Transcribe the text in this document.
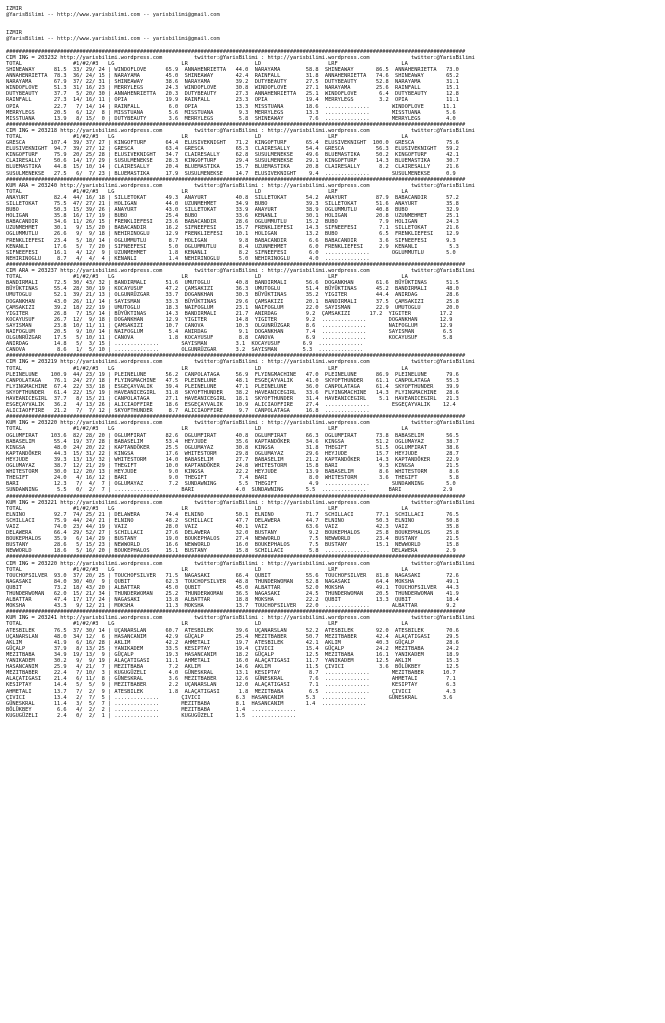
IZMIR
@YarisBilimi -- http://www.yarisbilimi.com -- yarisbilimi@gmail.com

IZMIR
@YarisBilimi -- http://www.yarisbilimi.com -- yarisbilimi@gmail.com

################################################################################################################################################
CIM ING = 203232 http://yarisbilimi.wordpress.com          twitter:@YarisBilimi : http://yarisbilimi.wordpress.com             twitter:@YarisBilimi
TOTAL                #1/#2/#3   LG                     LR                     LD                     LRF                    LA
SHINEAWAY      81.5  33/ 29/ 24 | WINDOFLOVE      65.9  ANNAHENRIETTA   44.0  NARAYAMA        58.8  SHINEAWAY       86.5  ANNAHENRIETTA   73.0
ANNAHENRIETTA  78.3  36/ 24/ 15 | NARAYAMA        45.0  SHINEAWAY       42.4  RAINFALL        31.8  ANNAHENRIETTA   74.6  SHINEAWAY       65.2
NARAYAMA       67.9  37/ 22/ 31 | SHINEAWAY       38.6  NARAYAMA        39.2  DUTYBEAUTY      27.5  DUTYBEAUTY      52.8  NARAYAMA        31.1
WINDOFLOVE     51.3  31/ 16/ 23 | MERRYLEGS       24.3  WINDOFLOVE      30.8  WINDOFLOVE      27.1  NARAYAMA        25.6  RAINFALL        15.1
DUTYBEAUTY     37.7   5/ 20/ 30 | ANNAHENRIETTA   20.3  DUTYBEAUTY      27.3  ANNAHENRIETTA   25.1  WINDOFLOVE       6.4  DUTYBEAUTY      12.8
RAINFALL       27.3  14/ 16/ 11 | OPIA            19.9  RAINFALL        23.3  OPIA            19.4  MERRYLEGS        3.2  OPIA            11.1
OPIA           22.7   7/ 14/ 14 | RAINFALL         6.0  OPIA            13.3  MISSTUANA       18.6  ..............       WINDOFLOVE      11.1
MERRYLEGS      20.5   6/ 12/  8 | MISSTUANA        5.6  MISSTUANA        9.3  MERRYLEGS       13.3  ..............       MISSTUANA        5.6
MISSTUANA      13.9   8/ 15/  0 | DUTYBEAUTY       3.6  MERRYLEGS        5.8  SHINEAWAY        7.6  ..............       MERRYLEGS        4.0
################################################################################################################################################
CIM ING = 203218 http://yarisbilimi.wordpress.com          twitter:@YarisBilimi : http://yarisbilimi.wordpress.com             twitter:@YarisBilimi
TOTAL                #1/#2/#3   LG                     LR                     LD                     LRF                    LA
GRESCA        107.4  39/ 37/ 27 | KINGOFTURF      64.4  ELUSIVEKNIGHT   71.2  KINGOFTURF      65.4  ELUSIVEKNIGHT  100.0  GRESCA          75.6
ELUSIVEKNIGHT  94.7  39/ 27/ 12 | GRESCA          63.4  GRESCA          65.3  CLAIRESALLY     54.4  GRESCA          56.3  ELUSIVEKNIGHT   59.2
KINGOFTURF     75.9  20/ 25/ 28 | ELUSIVEKNIGHT   34.7  CLAIRESALLY     62.8  SUSULMENEKSE    49.6  BLUEMASTIKA     50.2  KINGOFTURF      42.1
CLAIRESALLY    50.6  14/ 17/ 29 | SUSULMENEKSE    28.3  KINGOFTURF      29.4  SUSULMENEKSE    29.1  KINGOFTURF      14.3  BLUEMASTIKA     30.7
BLUEMASTIKA    44.8  15/ 10/ 14 | CLAIRESALLY     20.4  BLUEMASTIKA     15.7  BLUEMASTIKA     20.8  CLAIRESALLY      8.2  CLAIRESALLY     21.6
SUSULMENEKSE   27.5   6/  7/ 23 | BLUEMASTIKA     17.9  SUSULMENEKSE    14.7  ELUSIVEKNIGHT    9.4  ..............       SUSULMENEKSE     0.9
################################################################################################################################################
KUM ARA = 203240 http://yarisbilimi.wordpress.com          twitter:@YarisBilimi : http://yarisbilimi.wordpress.com             twitter:@YarisBilimi
TOTAL                #1/#2/#3   LG                     LR                     LD                     LRF                    LA
ANAYURT        82.4  44/ 16/ 18 | SILLETOKAT      49.3  ANAYURT         40.8  SILLETOKAT      54.2  ANAYURT         87.9  BABACANDIR      57.2
SILLETOKAT     75.5  47/ 27/ 21 | HOLIGAN         44.0  UZUNMEHMET      34.9  BUBO            39.3  SILLETOKAT      51.6  ANAYURT         35.8
BUBO           50.3  15/ 39/ 26 | ANAYURT         43.0  SILLETOKAT      33.9  ANAYURT         38.9  OGLUMMUTLU      40.8  BUBO            32.9
HOLIGAN        35.8  16/ 17/ 19 | BUBO            25.4  BUBO            33.6  KENANLI         30.1  HOLIGAN         20.8  UZUNMEHMET      25.1
BABACANDIR     34.6  11/ 26/ 15 | FRENKLIEFESI    23.6  BABACANDIR      28.6  OGLUMMUTLU      15.2  BUBO             7.9  HOLIGAN         24.3
UZUNMEHMET     30.1   9/ 15/ 20 | BABACANDIR      16.2  SIFNEEFESI      15.7  FRENKLIEFESI    14.3  SIFNEEFESI       7.1  SILLETOKAT      21.6
OGLUMMUTLU     26.6   9/  9/ 18 | NEHIRINOGLU     12.9  FRENKLIEFESI    10.1  HOLIGAN         13.2  BUBO             6.5  FRENKLIEFESI    12.9
FRENKLIEFESI   23.4   5/ 18/ 14 | OGLUMMUTLU       8.7  HOLIGAN          9.8  BABACANDIR       6.6  BABACANDIR       3.6  SIFNEEFESI      9.3
KENANLI        17.6   5/  7/ 20 | SIFNEEFESI       5.0  OGLUMMUTLU       8.4  UZUNMEHMET       6.0  FRENKLIEFESI     2.9  KENANLI          5.3
SIFNEEFESI     16.1   4/ 12/  9 | UZUNMEHMET       1.8  KENANLI          8.2  SIFNEEFESI       6.0  ..............       OGLUMMUTLU       5.0
NEHIRINOGLU     8.7   4/  4/  4 | KENANLI          1.4  NEHIRINOGLU      5.0  NEHIRINOGLU      4.0  ..............
################################################################################################################################################
CIM ARA = 203237 http://yarisbilimi.wordpress.com          twitter:@YarisBilimi : http://yarisbilimi.wordpress.com             twitter:@YarisBilimi
TOTAL                #1/#2/#3   LG                     LR                     LD                     LRF                    LA
BANDIRMALI     72.5  30/ 43/ 32 | BANDIRMALI      51.6  UMUTOGLU        40.8  BANDIRMALI      56.6  DOGANKHAN       61.6  BÜYÜKTINAS      51.5
BÜYÜKTINAS     55.4  28/ 30/ 19 | KOCAYUSUF       47.2  ÇAMSAKIZI       36.3  UMUTOGLU        51.4  BÜYÜKTINAS      45.2  BANDIRMALI      48.0
UMUTOGLU       52.1  39/ 21/ 13 | OLGUNRÜZGAR     33.7  DOGANKHAN       30.3  BÜYÜKTINAS      35.2  YIGITER         44.4  ANIRDAG         28.6
DOGANKHAN      43.0  26/ 11/ 14 | SAYISMAN        33.3  BÜYÜKTINAS      29.6  ÇAMSAKIZI       20.1  BANDIRMALI      37.5  ÇAMSAKIZI       25.8
ÇAMSAKIZI      39.2  18/ 22/ 19 | UMUTOGLU        18.3  NAIFOGLUM       23.1  NAIFOGLUM       22.0  SAYISMAN        22.9  UMUTOGLU        20.0
YIGITER        26.8   7/ 15/ 14 | BÜYÜKTINAS      14.3  BANDIRMALI      21.7  ANIRDAG         9.2  ÇAMSAKIZI      17.2  YIGITER         17.2
KOCAYUSUF      26.7  12/  9/ 18 | DOGANKHAN       12.9  YIGITER         14.8  YIGITER         9.2  ..............       DOGANKHAN       12.9
SAYISMAN       23.8  10/ 11/ 11 | ÇAMSAKIZI       10.7  CANOVA          10.3  OLGUNRÜZGAR     8.6  ..............       NAIFOGLUM       12.9
NAIFOGLUM      20.5   9/ 10/ 14 | NAIFOGLUM        5.4  ANIRDAG          9.1  DOGANKHAN       7.4  ..............       SAYISMAN         6.5
OLGUNRÜZGAR    17.5   5/ 10/ 11 | CANOVA           1.8  KOCAYUSUF        8.8  CANOVA          6.9  ..............       KOCAYUSUF        5.8
ANIRDAG        14.8   5/  3/ 15 | ..............       SAYISMAN         3.1  KOCAYUSUF       6.9  ..............
CANOVA          8.6   1/  5/ 10 | ..............       OLGUNRÜZGAR      3.2  SAYISMAN        5.3  ..............
################################################################################################################################################
CIM ING = 203219 http://yarisbilimi.wordpress.com          twitter:@YarisBilimi : http://yarisbilimi.wordpress.com             twitter:@YarisBilimi
TOTAL                #1/#2/#3   LG                     LR                     LD                     LRF                    LA
PLEINELUNE    100.9  44/ 23/ 19 | PLEINELUNE      56.2  CANPOLATAGA     56.9  FLYINGMACHINE   47.0  PLEINELUNE      86.9  PLEINELUNE      79.6
CANPOLATAGA    76.1  24/ 27/ 18 | FLYINGMACHINE   47.5  PLEINELUNE      48.1  ESGEÇAYVALIK    41.0  SKYOFTHUNDER    61.1  CANPOLATAGA     55.3
FLYINGMACHINE  67.4  22/ 33/ 18 | ESGEÇAYVALIK    39.4  PLEINELUNE      47.1  PLEINELUNE      36.0  CANPOLATAGA     61.4  SKYOFTHUNDER    39.9
SKYOFTHUNDER   61.4  22/ 15/ 19 | HAVEANICEGIRL   31.8  SKYOFTHUNDER    38.2  HAVEANICEGIRL   33.6  FLYINGMACHINE   14.3  FLYINGMACHINE   28.6
HAVEANICEGIRL  37.7   8/ 15/ 21 | CANPOLATAGA     27.1  HAVEANICEGIRL   18.1  SKYOFTHUNDER    31.4  HAVEANICEGIRL    5.1  HAVEANICEGIRL   21.3
ESGEÇAYVALIK   36.2   4/ 13/ 26 | ALICIAOFFIRE    18.6  ESGEÇAYVALIK    10.9  ALICIAOFFIRE    27.4  ..............       ESGEÇAYVALIK    12.4
ALICIAOFFIRE   21.2   7/  7/ 12 | SKYOFTHUNDER     8.7  ALICIAOFFIRE     9.7  CANPOLATAGA     16.8  ..............
################################################################################################################################################
KUM ING = 203220 http://yarisbilimi.wordpress.com          twitter:@YarisBilimi : http://yarisbilimi.wordpress.com             twitter:@YarisBilimi
TOTAL                #1/#2/#3   LG                     LR                     LD                     LRF                    LA
OGLUMFIRAT    103.6  82/ 28/ 20 | OGLUMFIRAT      82.6  OGLUMFIRAT      40.8  OGLUMFIRAT      66.3  OGLUMFIRAT      73.8  BABASELIM       56.5
BABASELIM      55.4  19/ 37/ 28 | BABASELIM       53.4  HEYJUDE         35.6  KAPTANDÖKER     34.6  KINGSA          51.2  OGLUMAYAZ       38.7
KINGSA         48.0  24/ 20/ 22 | KAPTANDÖKER     25.5  OGLUMAYAZ       30.8  KINGSA          31.8  THEGIFT         51.5  OGLUMFIRAT      38.6
KAPTANDÖKER    44.3  15/ 31/ 22 | KINGSA          17.6  WHITESTORM      29.8  OGLUMAYAZ       29.6  HEYJUDE         15.7  HEYJUDE         28.7
HEYJUDE        39.3  13/ 13/ 32 | WHITESTORM      14.0  BABASELIM       27.7  BABASELIM       21.2  KAPTANDÖKER     14.3  KAPTANDÖKER     22.9
OGLUMAYAZ      38.7  12/ 21/ 29 | THEGIFT         10.0  KAPTANDÖKER     24.8  WHITESTORM      15.8  BARI             9.3  KINGSA          21.5
WHITESTORM     30.0  12/ 20/ 13 | HEYJUDE          9.0  KINGSA          22.2  HEYJUDE         13.9  BABASELIM        8.6  WHITESTORM       8.6
THEGIFT        24.0   4/ 16/ 12 | BARI             9.0  THEGIFT          7.4  BARI             8.0  WHITESTORM       3.6  THEGIFT          5.8
BARI           12.3   7/  4/  7 | OGLUMAYAZ        7.2  SUNDAWNING       5.5  THEGIFT          4.9  ..............       SUNDAWNING       5.0
SUNDAWNING      5.5   0/  2/  7 | ..............       BARI             4.0  SUNDAWNING       5.5  ..............       BARI             2.9
################################################################################################################################################
KUM ING = 203221 http://yarisbilimi.wordpress.com          twitter:@YarisBilimi : http://yarisbilimi.wordpress.com             twitter:@YarisBilimi
TOTAL                #1/#2/#3   LG                     LR                     LD                     LRF                    LA
ELNINO         92.7  74/ 25/ 21 | DELAWERA        74.4  ELNINO          50.1  ELNINO          71.7  SCHILLACI       77.1  SCHILLACI       76.5
SCHILLACI      75.9  44/ 24/ 21 | ELNINO          48.2  SCHILLACI       47.7  DELAWERA        44.7  ELNINO          50.3  ELNINO          50.8
VAIZ           74.0  23/ 44/ 19 | VAIZ            28.0  VAIZ            40.1  VAIZ            63.6  VAIZ            42.3  VAIZ            35.8
DELAWERA       66.4  29/ 52/ 27 | SCHILLACI       27.6  DELAWERA        32.0  BUSTANY          9.2  BOUKEPHALOS     25.8  BOUKEPHALOS     25.8
BOUKEPHALOS    35.9   6/ 14/ 29 | BUSTANY         19.0  BOUKEPHALOS     27.4  NEWWORLD         7.5  NEWWORLD        23.4  BUSTANY         21.5
BUSTANY        28.6   5/ 15/ 23 | NEWWORLD        16.6  NEWWORLD        16.0  BOUKEPHALOS      7.5  BUSTANY         15.1  NEWWORLD        15.8
NEWWORLD       18.6   5/ 16/ 20 | BOUKEPHALOS     15.1  BUSTANY         15.8  SCHILLACI        5.8  ..............       DELAWERA         2.9
################################################################################################################################################
CIM ING = 203220 http://yarisbilimi.wordpress.com          twitter:@YarisBilimi : http://yarisbilimi.wordpress.com             twitter:@YarisBilimi
TOTAL                #1/#2/#3   LG                     LR                     LD                     LRF                    LA
TOUCHOFSILVER  93.0  37/ 20/ 25 | TOUCHOFSILVER   71.5  NAGASAKI        66.4  QUBIT           55.6  TOUCHOFSILVER   81.8  NAGASAKI        72.6
NAGASAKI       84.0  30/ 40/  9 | QUBIT           62.3  TOUCHOFSILVER   48.8  THUNDERWOMAN    52.8  NAGASAKI        64.4  MOKSHA          49.1
QUBIT          73.2  18/ 43/ 20 | ALBATTAR        45.0  QUBIT           45.0  ALBATTAR        52.0  MOKSHA          49.1  TOUCHOFSILVER   44.3
THUNDERWOMAN   62.0  15/ 21/ 34 | THUNDERWOMAN    25.2  THUNDERWOMAN    36.5  NAGASAKI        24.5  THUNDERWOMAN    20.5  THUNDERWOMAN    41.9
ALBATTAR       47.4  17/ 17/ 24 | NAGASAKI        13.8  ALBATTAR        18.8  MOKSHA          22.2  QUBIT           13.3  QUBIT           18.4
MOKSHA         43.3   9/ 12/ 21 | MOKSHA          11.3  MOKSHA          13.7  TOUCHOFSILVER   22.0  ..............       ALBATTAR         9.2
################################################################################################################################################
KUM ING = 203241 http://yarisbilimi.wordpress.com          twitter:@YarisBilimi : http://yarisbilimi.wordpress.com             twitter:@YarisBilimi
TOTAL                #1/#2/#3   LG                     LR                     LD                     LRF                    LA
ATESBILEK      76.5  37/ 30/ 14 | UÇANARSLAN      60.7  ATESBILEK       39.6  UÇANARSLAN      52.2  ATESBILEK       92.0  ATESBILEK       70.6
UÇANARSLAN     48.0  34/ 12/  6 | HASANCANIM      42.9  GÜÇALP          25.4  MEZITBABER      50.7  MEZITBABER      42.4  ALAÇATIGASI     29.5
AKLIM          41.9   6/ 16/ 28 | AKLIM           42.2  AHMETALI        19.7  ATESBILEK       42.1  AKLIM           40.3  GÜÇALP          28.6
GÜÇALP         37.9   8/ 13/ 25 | YANIKADEM       33.5  KESIPTAY        19.4  ÇIVICI          15.4  GÜÇALP          24.2  MEZITBABA       24.2
MEZITBABA      34.9  19/ 13/  9 | GÜÇALP          19.3  HASANCANIM      18.2  GÜÇALP          12.5  MEZITBABA       16.1  YANIKADEM       18.9
YANIKADEM      30.2   9/  9/ 19 | ALAÇATIGASI     11.1  AHMETALI        16.0  ALAÇATIGASI     11.7  YANIKADEM       12.5  AKLIM           15.3
HASANCANIM     25.9   4/ 21/  7 | MEZITBABA        7.2  AKLIM           14.6  AKLIM           11.5  ÇIVICI           3.6  BÖLÜKBEY        12.5
MEZITBABER     22.4   7/ 10/  3 | KUGUGÜZELI       4.0  GÜNESKRAL       13.1  KESIPTAY         8.7  ..............       MEZITBABER      10.7
ALAÇATIGASI    21.4   6/ 11/  8 | GÜNESKRAL        3.6  MEZITBABER      12.6  GÜNESKRAL        7.6  ..............       AHMETALI         7.1
KESIPTAY       14.4   5/  5/  9 | MEZITBABER       2.2  UÇANARSLAN      12.0  ALAÇATIGASI      7.1  ..............       KESIPTAY         6.3
AHMETALI       13.7   7/  2/  9 | ATESBILEK        1.8  ALAÇATIGASI      1.8  MEZITBABA        6.5  ..............       ÇIVICI           4.3
ÇIVICI         13.4   2/  7/  5 | ..............       ÇIVICI           6.3  HASANCANIM       5.3  ..............       GÜNESKRAL        3.6
GÜNESKRAL      11.4   3/  5/  7 | ..............       MEZITBABA        8.1  HASANCANIM       1.4  ..............
BÖLÜKBEY        6.6   4/  2/  2 | ..............       MEZITBABA        1.4  ..............
KUGUGÜZELI      2.4   0/  2/  1 | ..............       KUGUGÜZELI       1.5  ..............
